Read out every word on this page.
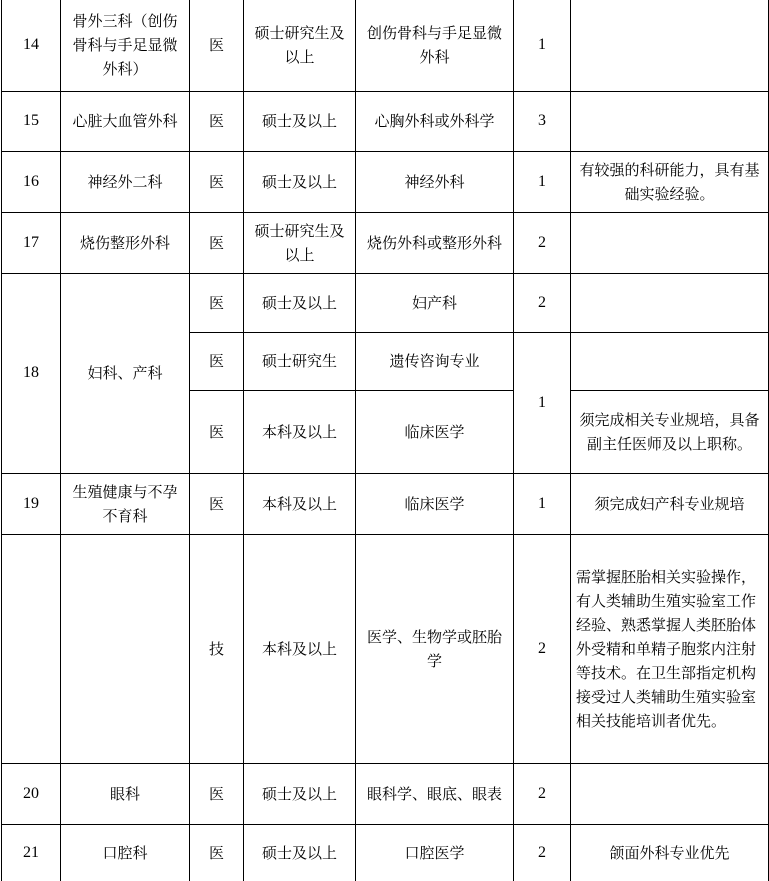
14	骨外三科（创伤骨科与手足显微外科）	医	硕士研究生及以上	创伤骨科与手足显微外科	1	
15	心脏大血管外科	医	硕士及以上	心胸外科或外科学	3	
16	神经外二科	医	硕士及以上	神经外科	1	有较强的科研能力，具有基础实验经验。
17	烧伤整形外科	医	硕士研究生及以上	烧伤外科或整形外科	2	
18	妇科、产科	医	硕士及以上	妇产科	2	
		医	硕士研究生	遗传咨询专业	1	
		医	本科及以上	临床医学		须完成相关专业规培，具备副主任医师及以上职称。
19	生殖健康与不孕不育科	医	本科及以上	临床医学	1	须完成妇产科专业规培
		技	本科及以上	医学、生物学或胚胎学	2	需掌握胚胎相关实验操作，有人类辅助生殖实验室工作经验、熟悉掌握人类胚胎体外受精和单精子胞浆内注射等技术。在卫生部指定机构接受过人类辅助生殖实验室相关技能培训者优先。
20	眼科	医	硕士及以上	眼科学、眼底、眼表	2	
21	口腔科	医	硕士及以上	口腔医学	2	颌面外科专业优先
